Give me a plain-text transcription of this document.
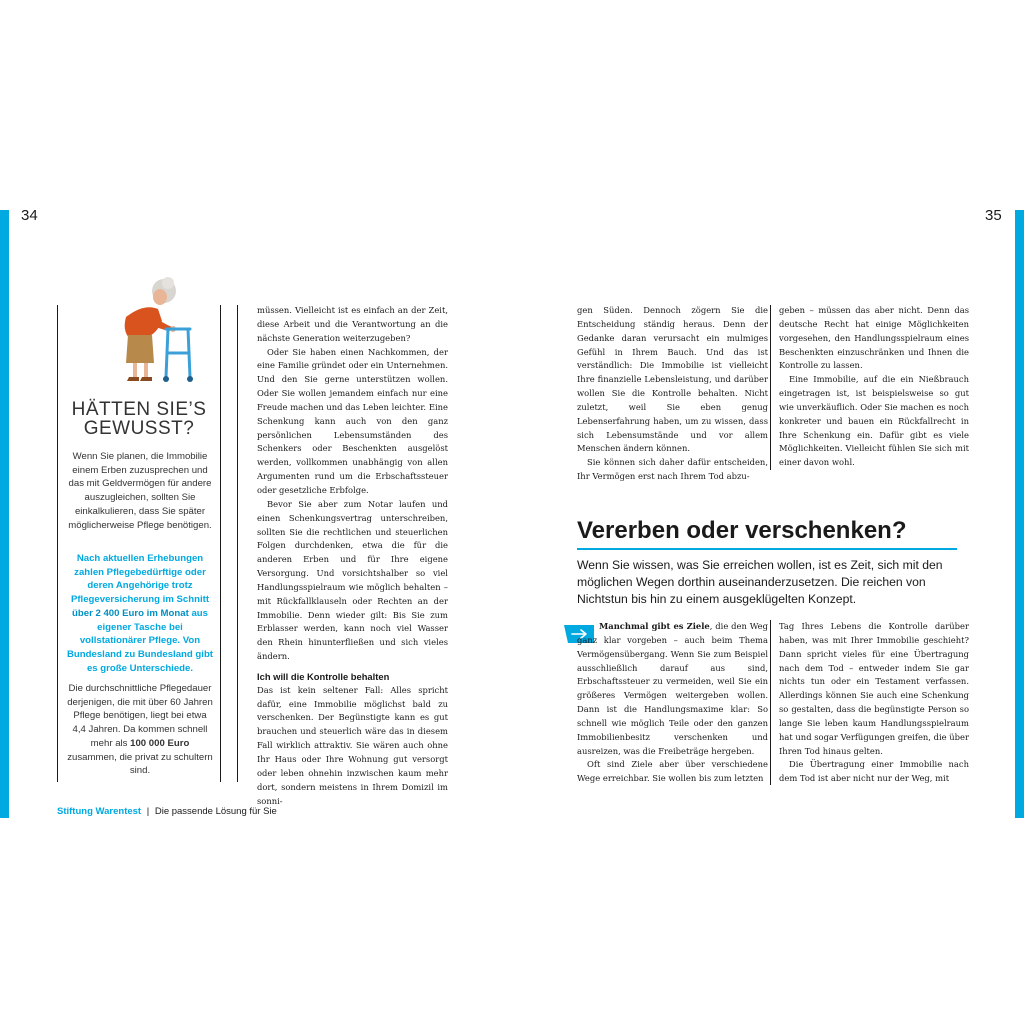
34	35
HÄTTEN SIE’S
GEWUSST?
Wenn Sie planen, die Immobilie einem Erben zuzusprechen und das mit Geldvermögen für andere auszugleichen, sollten Sie einkalkulieren, dass Sie später möglicherweise Pflege benötigen.
Nach aktuellen Erhebungen zahlen Pflegebedürftige oder deren Angehörige trotz Pflegeversicherung im Schnitt über 2 400 Euro im Monat aus eigener Tasche bei vollstationärer Pflege. Von Bundesland zu Bundesland gibt es große Unterschiede.
Die durchschnittliche Pflegedauer derjenigen, die mit über 60 Jahren Pflege benötigen, liegt bei etwa 4,4 Jahren. Da kommen schnell mehr als 100 000 Euro zusammen, die privat zu schultern sind.

müssen. Vielleicht ist es einfach an der Zeit, diese Arbeit und die Verantwortung an die nächste Generation weiterzugeben?

Oder Sie haben einen Nachkommen, der eine Familie gründet oder ein Unternehmen. Und den Sie gerne unterstützen wollen. Oder Sie wollen jemandem einfach nur eine Freude machen und das Leben leichter. Eine Schenkung kann auch von den ganz persönlichen Lebensumständen des Schenkers oder Beschenkten ausgelöst werden, vollkommen unabhängig von allen Argumenten rund um die Erbschaftssteuer oder gesetzliche Erbfolge.

Bevor Sie aber zum Notar laufen und einen Schenkungsvertrag unterschreiben, sollten Sie die rechtlichen und steuerlichen Folgen durchdenken, etwa die für die anderen Erben und für Ihre eigene Versorgung. Und vorsichtshalber so viel Handlungsspielraum wie möglich behalten – mit Rückfallklauseln oder Rechten an der Immobilie. Denn wieder gilt: Bis Sie zum Erblasser werden, kann noch viel Wasser den Rhein hinunterfließen und sich vieles ändern.

Ich will die Kontrolle behalten

Das ist kein seltener Fall: Alles spricht dafür, eine Immobilie möglichst bald zu verschenken. Der Begünstigte kann es gut brauchen und steuerlich wäre das in diesem Fall wirklich attraktiv. Sie wären auch ohne Ihr Haus oder Ihre Wohnung gut versorgt oder leben ohnehin inzwischen kaum mehr dort, sondern meistens in Ihrem Domizil im sonni-

gen Süden. Dennoch zögern Sie die Entscheidung ständig heraus. Denn der Gedanke daran verursacht ein mulmiges Gefühl in Ihrem Bauch. Und das ist verständlich: Die Immobilie ist vielleicht Ihre finanzielle Lebensleistung, und darüber wollen Sie die Kontrolle behalten. Nicht zuletzt, weil Sie eben genug Lebenserfahrung haben, um zu wissen, dass sich Lebensumstände und vor allem Menschen ändern können.

Sie können sich daher dafür entscheiden, Ihr Vermögen erst nach Ihrem Tod abzu-

geben – müssen das aber nicht. Denn das deutsche Recht hat einige Möglichkeiten vorgesehen, den Handlungsspielraum eines Beschenkten einzuschränken und Ihnen die Kontrolle zu lassen.

Eine Immobilie, auf die ein Nießbrauch eingetragen ist, ist beispielsweise so gut wie unverkäuflich. Oder Sie machen es noch konkreter und bauen ein Rückfallrecht in Ihre Schenkung ein. Dafür gibt es viele Möglichkeiten. Vielleicht fühlen Sie sich mit einer davon wohl.

Vererben oder verschenken?
Wenn Sie wissen, was Sie erreichen wollen, ist es Zeit, sich mit den möglichen Wegen dorthin auseinanderzusetzen. Die reichen von Nichtstun bis hin zu einem ausgeklügelten Konzept.

Manchmal gibt es Ziele, die den Weg ganz klar vorgeben – auch beim Thema Vermögensübergang. Wenn Sie zum Beispiel ausschließlich darauf aus sind, Erbschaftssteuer zu vermeiden, weil Sie ein größeres Vermögen weitergeben wollen. Dann ist die Handlungsmaxime klar: So schnell wie möglich Teile oder den ganzen Immobilienbesitz verschenken und ausreizen, was die Freibeträge hergeben.

Oft sind Ziele aber über verschiedene Wege erreichbar. Sie wollen bis zum letzten

Tag Ihres Lebens die Kontrolle darüber haben, was mit Ihrer Immobilie geschieht? Dann spricht vieles für eine Übertragung nach dem Tod – entweder indem Sie gar nichts tun oder ein Testament verfassen. Allerdings können Sie auch eine Schenkung so gestalten, dass die begünstigte Person so lange Sie leben kaum Handlungsspielraum hat und sogar Verfügungen greifen, die über Ihren Tod hinaus gelten.

Die Übertragung einer Immobilie nach dem Tod ist aber nicht nur der Weg, mit

Stiftung Warentest | Die passende Lösung für Sie
